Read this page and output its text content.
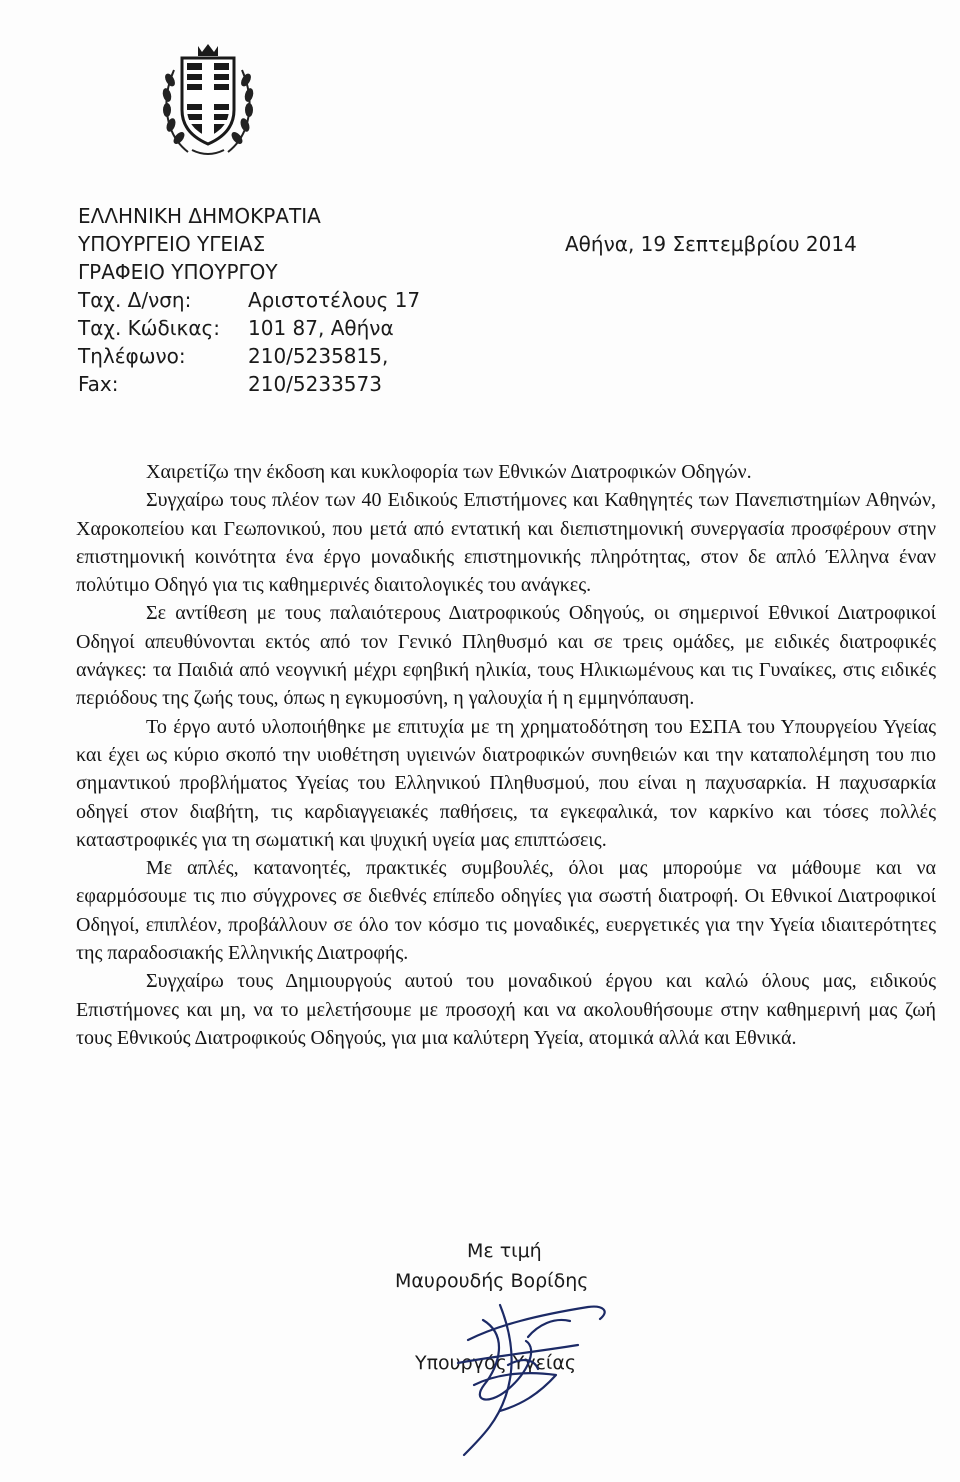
ΕΛΛΗΝΙΚΗ ΔΗΜΟΚΡΑΤΙΑ
ΥΠΟΥΡΓΕΙΟ ΥΓΕΙΑΣ
ΓΡΑΦΕΙΟ ΥΠΟΥΡΓΟΥ
Ταχ. Δ/νση:	Αριστοτέλους 17
Ταχ. Κώδικας: 101 87, Αθήνα
Τηλέφωνο:	210/5235815,
Fax:	210/5233573
Αθήνα, 19 Σεπτεμβρίου 2014

Χαιρετίζω την έκδοση και κυκλοφορία των Εθνικών Διατροφικών Οδηγών.

Συγχαίρω τους πλέον των 40 Ειδικούς Επιστήμονες και Καθηγητές των Πανεπιστημίων Αθηνών, Χαροκοπείου και Γεωπονικού, που μετά από εντατική και διεπιστημονική συνεργασία προσφέρουν στην επιστημονική κοινότητα ένα έργο μοναδικής επιστημονικής πληρότητας, στον δε απλό Έλληνα έναν πολύτιμο Οδηγό για τις καθημερινές διαιτολογικές του ανάγκες.

Σε αντίθεση με τους παλαιότερους Διατροφικούς Οδηγούς, οι σημερινοί Εθνικοί Διατροφικοί Οδηγοί απευθύνονται εκτός από τον Γενικό Πληθυσμό και σε τρεις ομάδες, με ειδικές διατροφικές ανάγκες: τα Παιδιά από νεογνική μέχρι εφηβική ηλικία, τους Ηλικιωμένους και τις Γυναίκες, στις ειδικές περιόδους της ζωής τους, όπως η εγκυμοσύνη, η γαλουχία ή η εμμηνόπαυση.

Το έργο αυτό υλοποιήθηκε με επιτυχία με τη χρηματοδότηση του ΕΣΠΑ του Υπουργείου Υγείας και έχει ως κύριο σκοπό την υιοθέτηση υγιεινών διατροφικών συνηθειών και την καταπολέμηση του πιο σημαντικού προβλήματος Υγείας του Ελληνικού Πληθυσμού, που είναι η παχυσαρκία. Η παχυσαρκία οδηγεί στον διαβήτη, τις καρδιαγγειακές παθήσεις, τα εγκεφαλικά, τον καρκίνο και τόσες πολλές καταστροφικές για τη σωματική και ψυχική υγεία μας επιπτώσεις.

Με απλές, κατανοητές, πρακτικές συμβουλές, όλοι μας μπορούμε να μάθουμε και να εφαρμόσουμε τις πιο σύγχρονες σε διεθνές επίπεδο οδηγίες για σωστή διατροφή. Οι Εθνικοί Διατροφικοί Οδηγοί, επιπλέον, προβάλλουν σε όλο τον κόσμο τις μοναδικές, ευεργετικές για την Υγεία ιδιαιτερότητες της παραδοσιακής Ελληνικής Διατροφής.

Συγχαίρω τους Δημιουργούς αυτού του μοναδικού έργου και καλώ όλους μας, ειδικούς Επιστήμονες και μη, να το μελετήσουμε με προσοχή και να ακολουθήσουμε στην καθημερινή μας ζωή τους Εθνικούς Διατροφικούς Οδηγούς, για μια καλύτερη Υγεία, ατομικά αλλά και Εθνικά.

Με τιμή
Μαυρουδής Βορίδης
Υπουργός Υγείας
